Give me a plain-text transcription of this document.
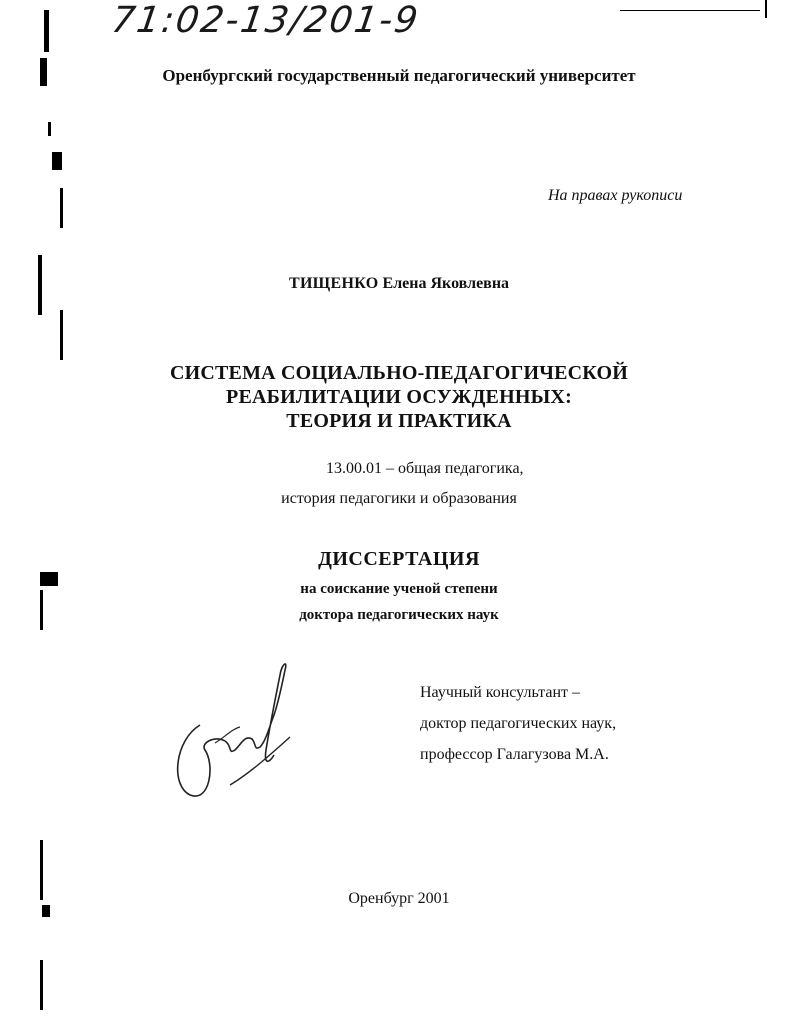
71:02-13/201-9
Оренбургский государственный педагогический университет
На правах рукописи
ТИЩЕНКО Елена Яковлевна
СИСТЕМА СОЦИАЛЬНО-ПЕДАГОГИЧЕСКОЙ
РЕАБИЛИТАЦИИ ОСУЖДЕННЫХ:
ТЕОРИЯ И ПРАКТИКА
13.00.01 – общая педагогика,
история педагогики и образования
ДИССЕРТАЦИЯ
на соискание ученой степени
доктора педагогических наук
Научный консультант –
доктор педагогических наук,
профессор Галагузова М.А.
Оренбург 2001
